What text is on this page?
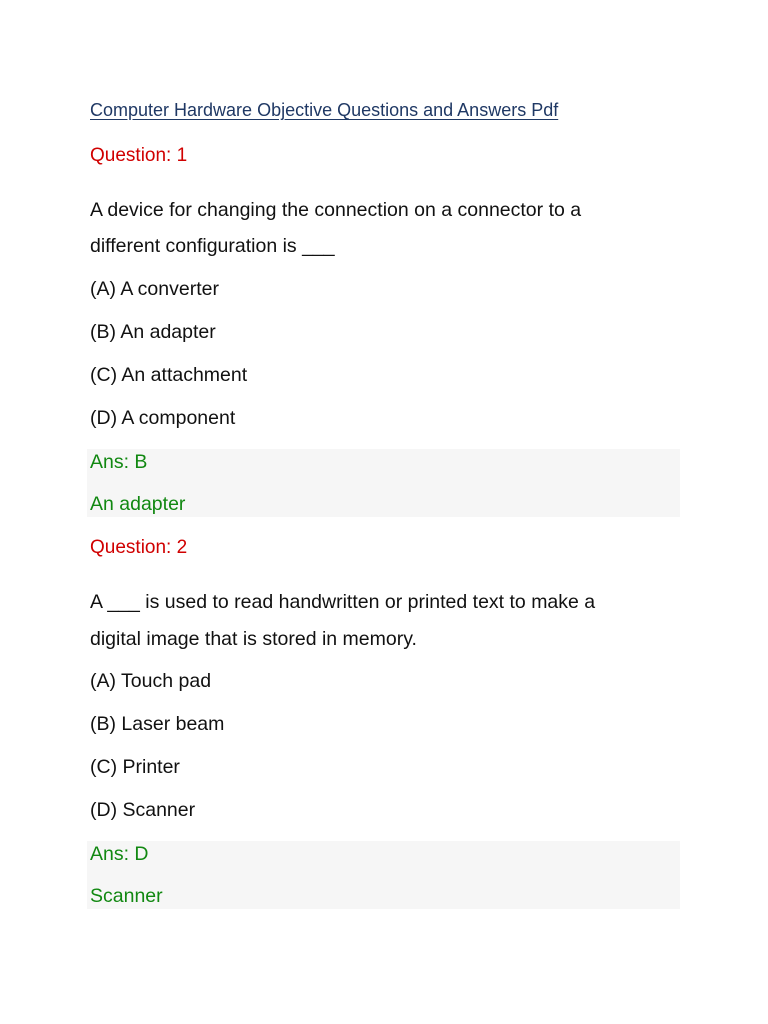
Computer Hardware Objective Questions and Answers Pdf
Question: 1
A device for changing the connection on a connector to a
different configuration is ___
(A) A converter
(B) An adapter
(C) An attachment
(D) A component
Ans: B
An adapter
Question: 2
A ___ is used to read handwritten or printed text to make a
digital image that is stored in memory.
(A) Touch pad
(B) Laser beam
(C) Printer
(D) Scanner
Ans: D
Scanner
